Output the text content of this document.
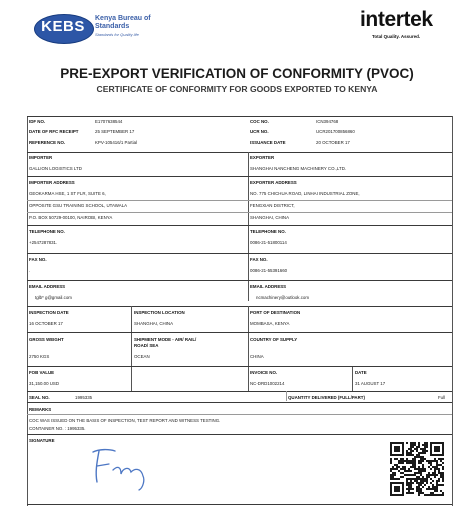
KEBS	Kenya Bureau of
Standards
Standards for Quality life
intertek
Total Quality. Assured.
PRE-EXPORT VERIFICATION OF CONFORMITY (PVOC)
CERTIFICATE OF CONFORMITY FOR GOODS EXPORTED TO KENYA
IDF NO.	E1707638544
DATE OF RFC RECEIPT	25 SEPTEMBER 17
REFERENCE NO.	KPV-105416/1 Partial
COC NO.	ICN394768
UCR NO.	UCR201700856860
ISSUANCE DATE	20 OCTOBER 17
IMPORTER
GALLION LOGISTICS LTD
EXPORTER
SHANGHAI NANCHENG MACHINERY CO.,LTD.
IMPORTER ADDRESS
GEOKARMA HSE, 1 ST FLR, SUITE 6,
OPPOSITE GSU TRAINING SCHOOL, UTAWALA
P.O. BOX 50729-00100, NAIROBI, KENYA
EXPORTER ADDRESS
NO. 775 CHICHUA ROAD, LINHAI INDUSTRIAL ZONE,
FENGXIAN DISTRICT,
SHANGHAI, CHINA
TELEPHONE NO.
+2547287831.
TELEPHONE NO.
0086-21-51800114
FAX NO.
.
FAX NO.
0086-21-55391660
EMAIL ADDRESS
tglb* g@gmail.com
EMAIL ADDRESS
ncmachinery@outlook.com
INSPECTION DATE
16 OCTOBER 17
INSPECTION LOCATION
SHANGHAI, CHINA
PORT OF DESTINATION
MOMBASA, KENYA
GROSS WEIGHT
2750 KGS
SHIPMENT MODE - AIR/ RAIL/
ROAD/ SEA
OCEAN
COUNTRY OF SUPPLY
CHINA
FOB VALUE
31,150.00 USD
INVOICE NO.
NC-DRD1002214
DATE
31 AUGUST 17
SEAL NO.	1995335	QUANTITY DELIVERED (FULL/PART)	Full
REMARKS
COC WAS ISSUED ON THE BASIS OF INSPECTION, TEST REPORT AND WITNESS TESTING.
CONTAINER NO. : 1995335.
SIGNATURE
